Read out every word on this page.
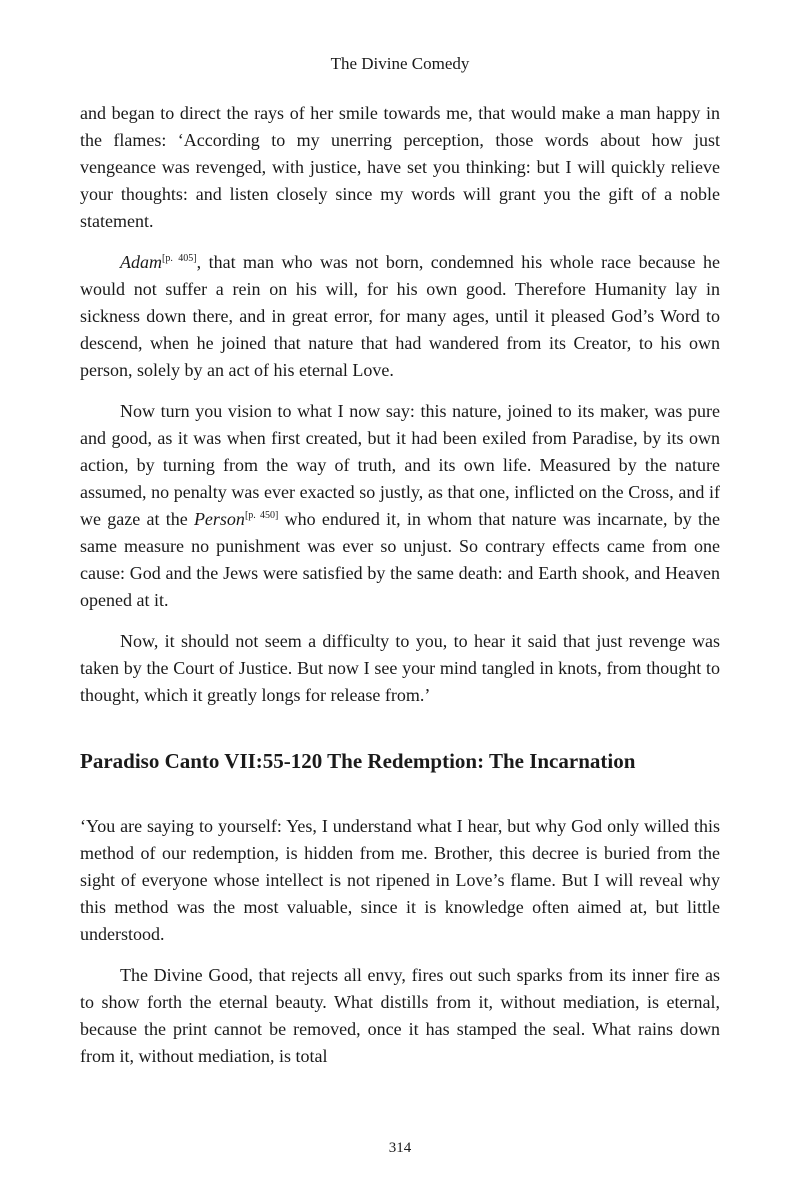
The Divine Comedy

and began to direct the rays of her smile towards me, that would make a man happy in the flames: ‘According to my unerring perception, those words about how just vengeance was revenged, with justice, have set you thinking: but I will quickly relieve your thoughts: and listen closely since my words will grant you the gift of a noble statement.

Adam[p. 405], that man who was not born, condemned his whole race because he would not suffer a rein on his will, for his own good. Therefore Humanity lay in sickness down there, and in great error, for many ages, until it pleased God’s Word to descend, when he joined that nature that had wandered from its Creator, to his own person, solely by an act of his eternal Love.

Now turn you vision to what I now say: this nature, joined to its maker, was pure and good, as it was when first created, but it had been exiled from Paradise, by its own action, by turning from the way of truth, and its own life. Measured by the nature assumed, no penalty was ever exacted so justly, as that one, inflicted on the Cross, and if we gaze at the Person[p. 450] who endured it, in whom that nature was incarnate, by the same measure no punishment was ever so unjust. So contrary effects came from one cause: God and the Jews were satisfied by the same death: and Earth shook, and Heaven opened at it.

Now, it should not seem a difficulty to you, to hear it said that just revenge was taken by the Court of Justice. But now I see your mind tangled in knots, from thought to thought, which it greatly longs for release from.’

Paradiso Canto VII:55-120 The Redemption: The Incarnation

‘You are saying to yourself: Yes, I understand what I hear, but why God only willed this method of our redemption, is hidden from me. Brother, this decree is buried from the sight of everyone whose intellect is not ripened in Love’s flame. But I will reveal why this method was the most valuable, since it is knowledge often aimed at, but little understood.

The Divine Good, that rejects all envy, fires out such sparks from its inner fire as to show forth the eternal beauty. What distills from it, without mediation, is eternal, because the print cannot be removed, once it has stamped the seal. What rains down from it, without mediation, is total

314
